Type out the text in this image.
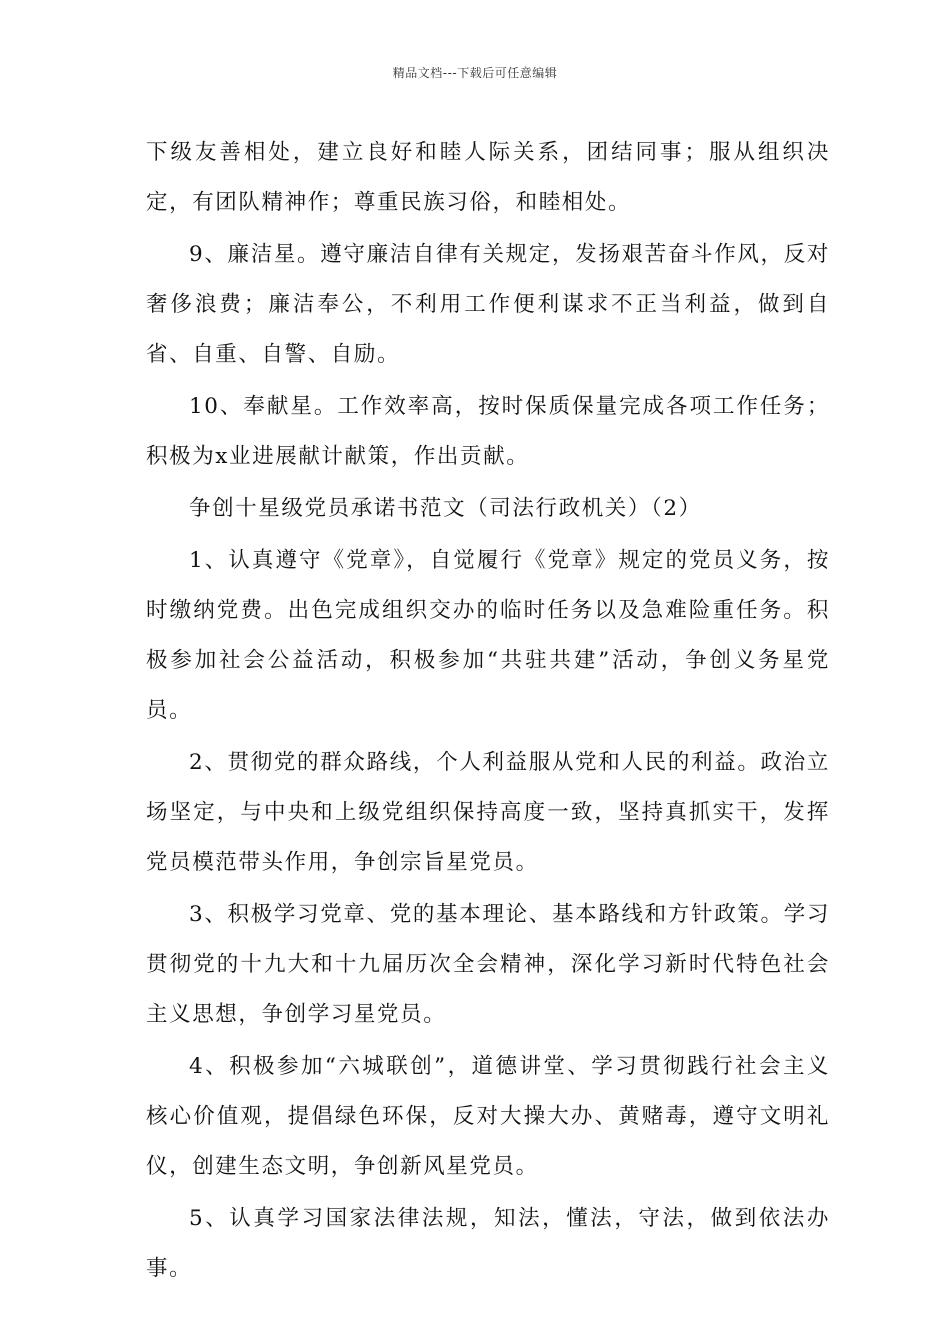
精品文档---下载后可任意编辑

下级友善相处，建立良好和睦人际关系，团结同事；服从组织决定，有团队精神作；尊重民族习俗，和睦相处。

9、廉洁星。遵守廉洁自律有关规定，发扬艰苦奋斗作风，反对奢侈浪费；廉洁奉公，不利用工作便利谋求不正当利益，做到自省、自重、自警、自励。

10、奉献星。工作效率高，按时保质保量完成各项工作任务；积极为x业进展献计献策，作出贡献。

争创十星级党员承诺书范文（司法行政机关）（2）

1、认真遵守《党章》，自觉履行《党章》规定的党员义务，按时缴纳党费。出色完成组织交办的临时任务以及急难险重任务。积极参加社会公益活动，积极参加“共驻共建”活动，争创义务星党员。

2、贯彻党的群众路线，个人利益服从党和人民的利益。政治立场坚定，与中央和上级党组织保持高度一致，坚持真抓实干，发挥党员模范带头作用，争创宗旨星党员。

3、积极学习党章、党的基本理论、基本路线和方针政策。学习贯彻党的十九大和十九届历次全会精神，深化学习新时代特色社会主义思想，争创学习星党员。

4、积极参加“六城联创”，道德讲堂、学习贯彻践行社会主义核心价值观，提倡绿色环保，反对大操大办、黄赌毒，遵守文明礼仪，创建生态文明，争创新风星党员。

5、认真学习国家法律法规，知法，懂法，守法，做到依法办事。
